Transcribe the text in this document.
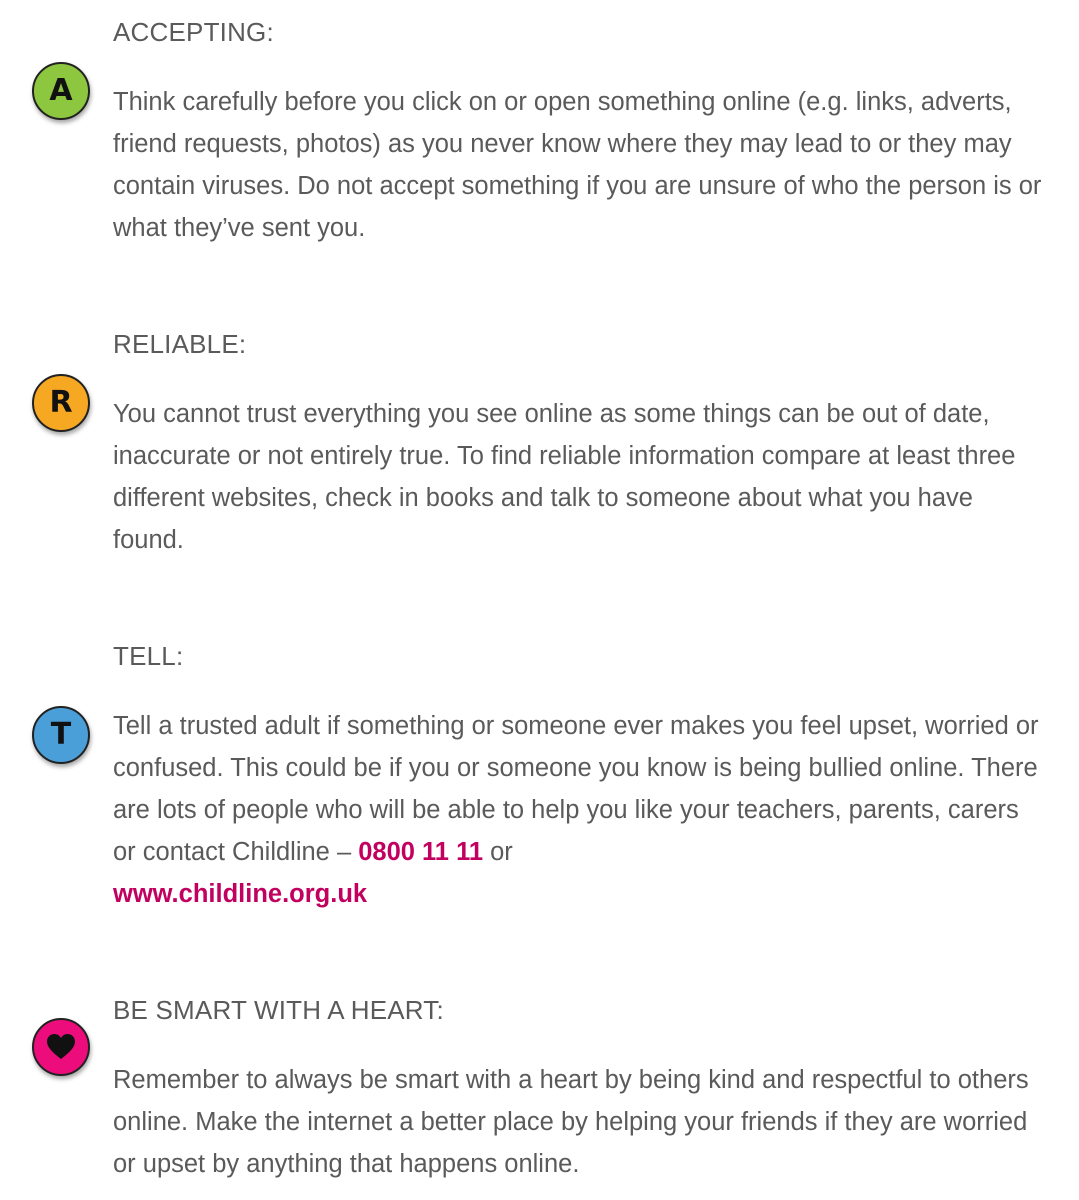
ACCEPTING:
A Think carefully before you click on or open something online (e.g. links, adverts, friend requests, photos) as you never know where they may lead to or they may contain viruses. Do not accept something if you are unsure of who the person is or what they’ve sent you.

RELIABLE:
R You cannot trust everything you see online as some things can be out of date, inaccurate or not entirely true. To find reliable information compare at least three different websites, check in books and talk to someone about what you have found.

TELL:
T Tell a trusted adult if something or someone ever makes you feel upset, worried or confused. This could be if you or someone you know is being bullied online. There are lots of people who will be able to help you like your teachers, parents, carers or contact Childline – 0800 11 11 or
www.childline.org.uk

BE SMART WITH A HEART:

Remember to always be smart with a heart by being kind and respectful to others online. Make the internet a better place by helping your friends if they are worried or upset by anything that happens online.
